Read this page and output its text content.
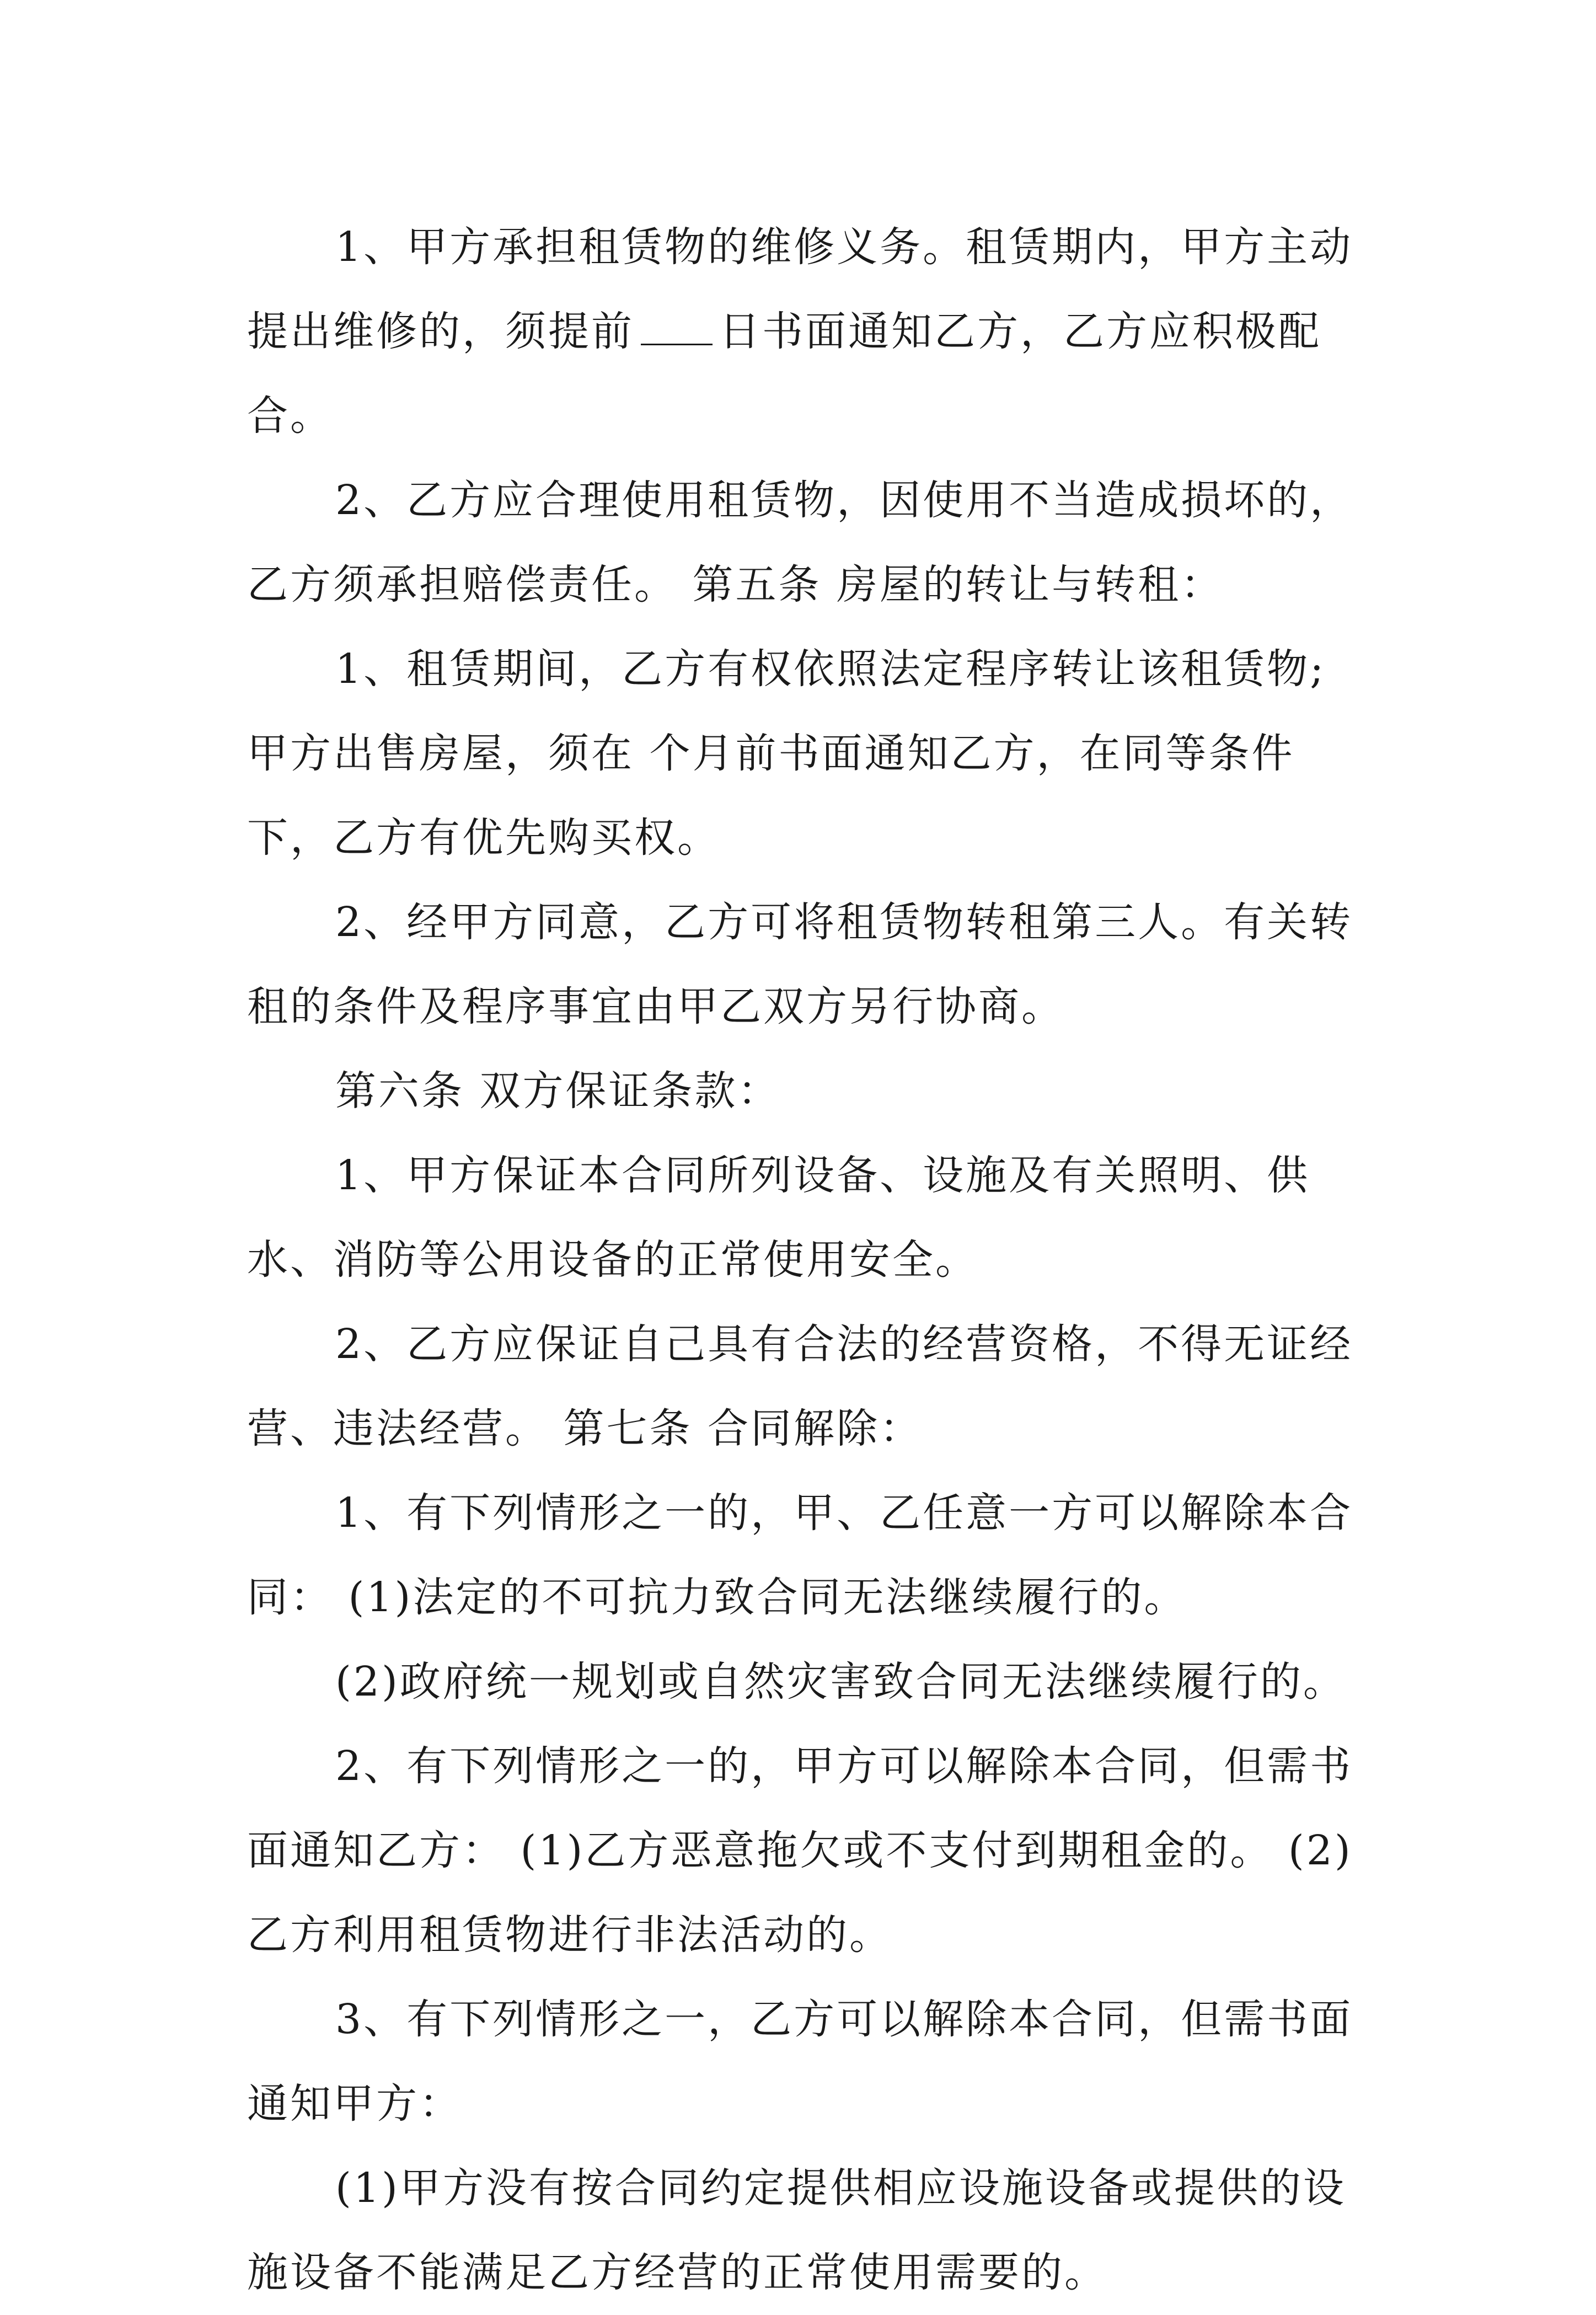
1、甲方承担租赁物的维修义务。租赁期内，甲方主动提出维修的，须提前 日书面通知乙方，乙方应积极配合。

2、乙方应合理使用租赁物，因使用不当造成损坏的，乙方须承担赔偿责任。 第五条 房屋的转让与转租：

1、租赁期间，乙方有权依照法定程序转让该租赁物;甲方出售房屋，须在 个月前书面通知乙方，在同等条件下，乙方有优先购买权。

2、经甲方同意，乙方可将租赁物转租第三人。有关转租的条件及程序事宜由甲乙双方另行协商。

第六条 双方保证条款：

1、甲方保证本合同所列设备、设施及有关照明、供水、消防等公用设备的正常使用安全。

2、乙方应保证自己具有合法的经营资格，不得无证经营、违法经营。 第七条 合同解除：

1、有下列情形之一的，甲、乙任意一方可以解除本合同： (1)法定的不可抗力致合同无法继续履行的。

(2)政府统一规划或自然灾害致合同无法继续履行的。

2、有下列情形之一的，甲方可以解除本合同，但需书面通知乙方： (1)乙方恶意拖欠或不支付到期租金的。 (2)乙方利用租赁物进行非法活动的。

3、有下列情形之一，乙方可以解除本合同，但需书面通知甲方：

(1)甲方没有按合同约定提供相应设施设备或提供的设施设备不能满足乙方经营的正常使用需要的。
